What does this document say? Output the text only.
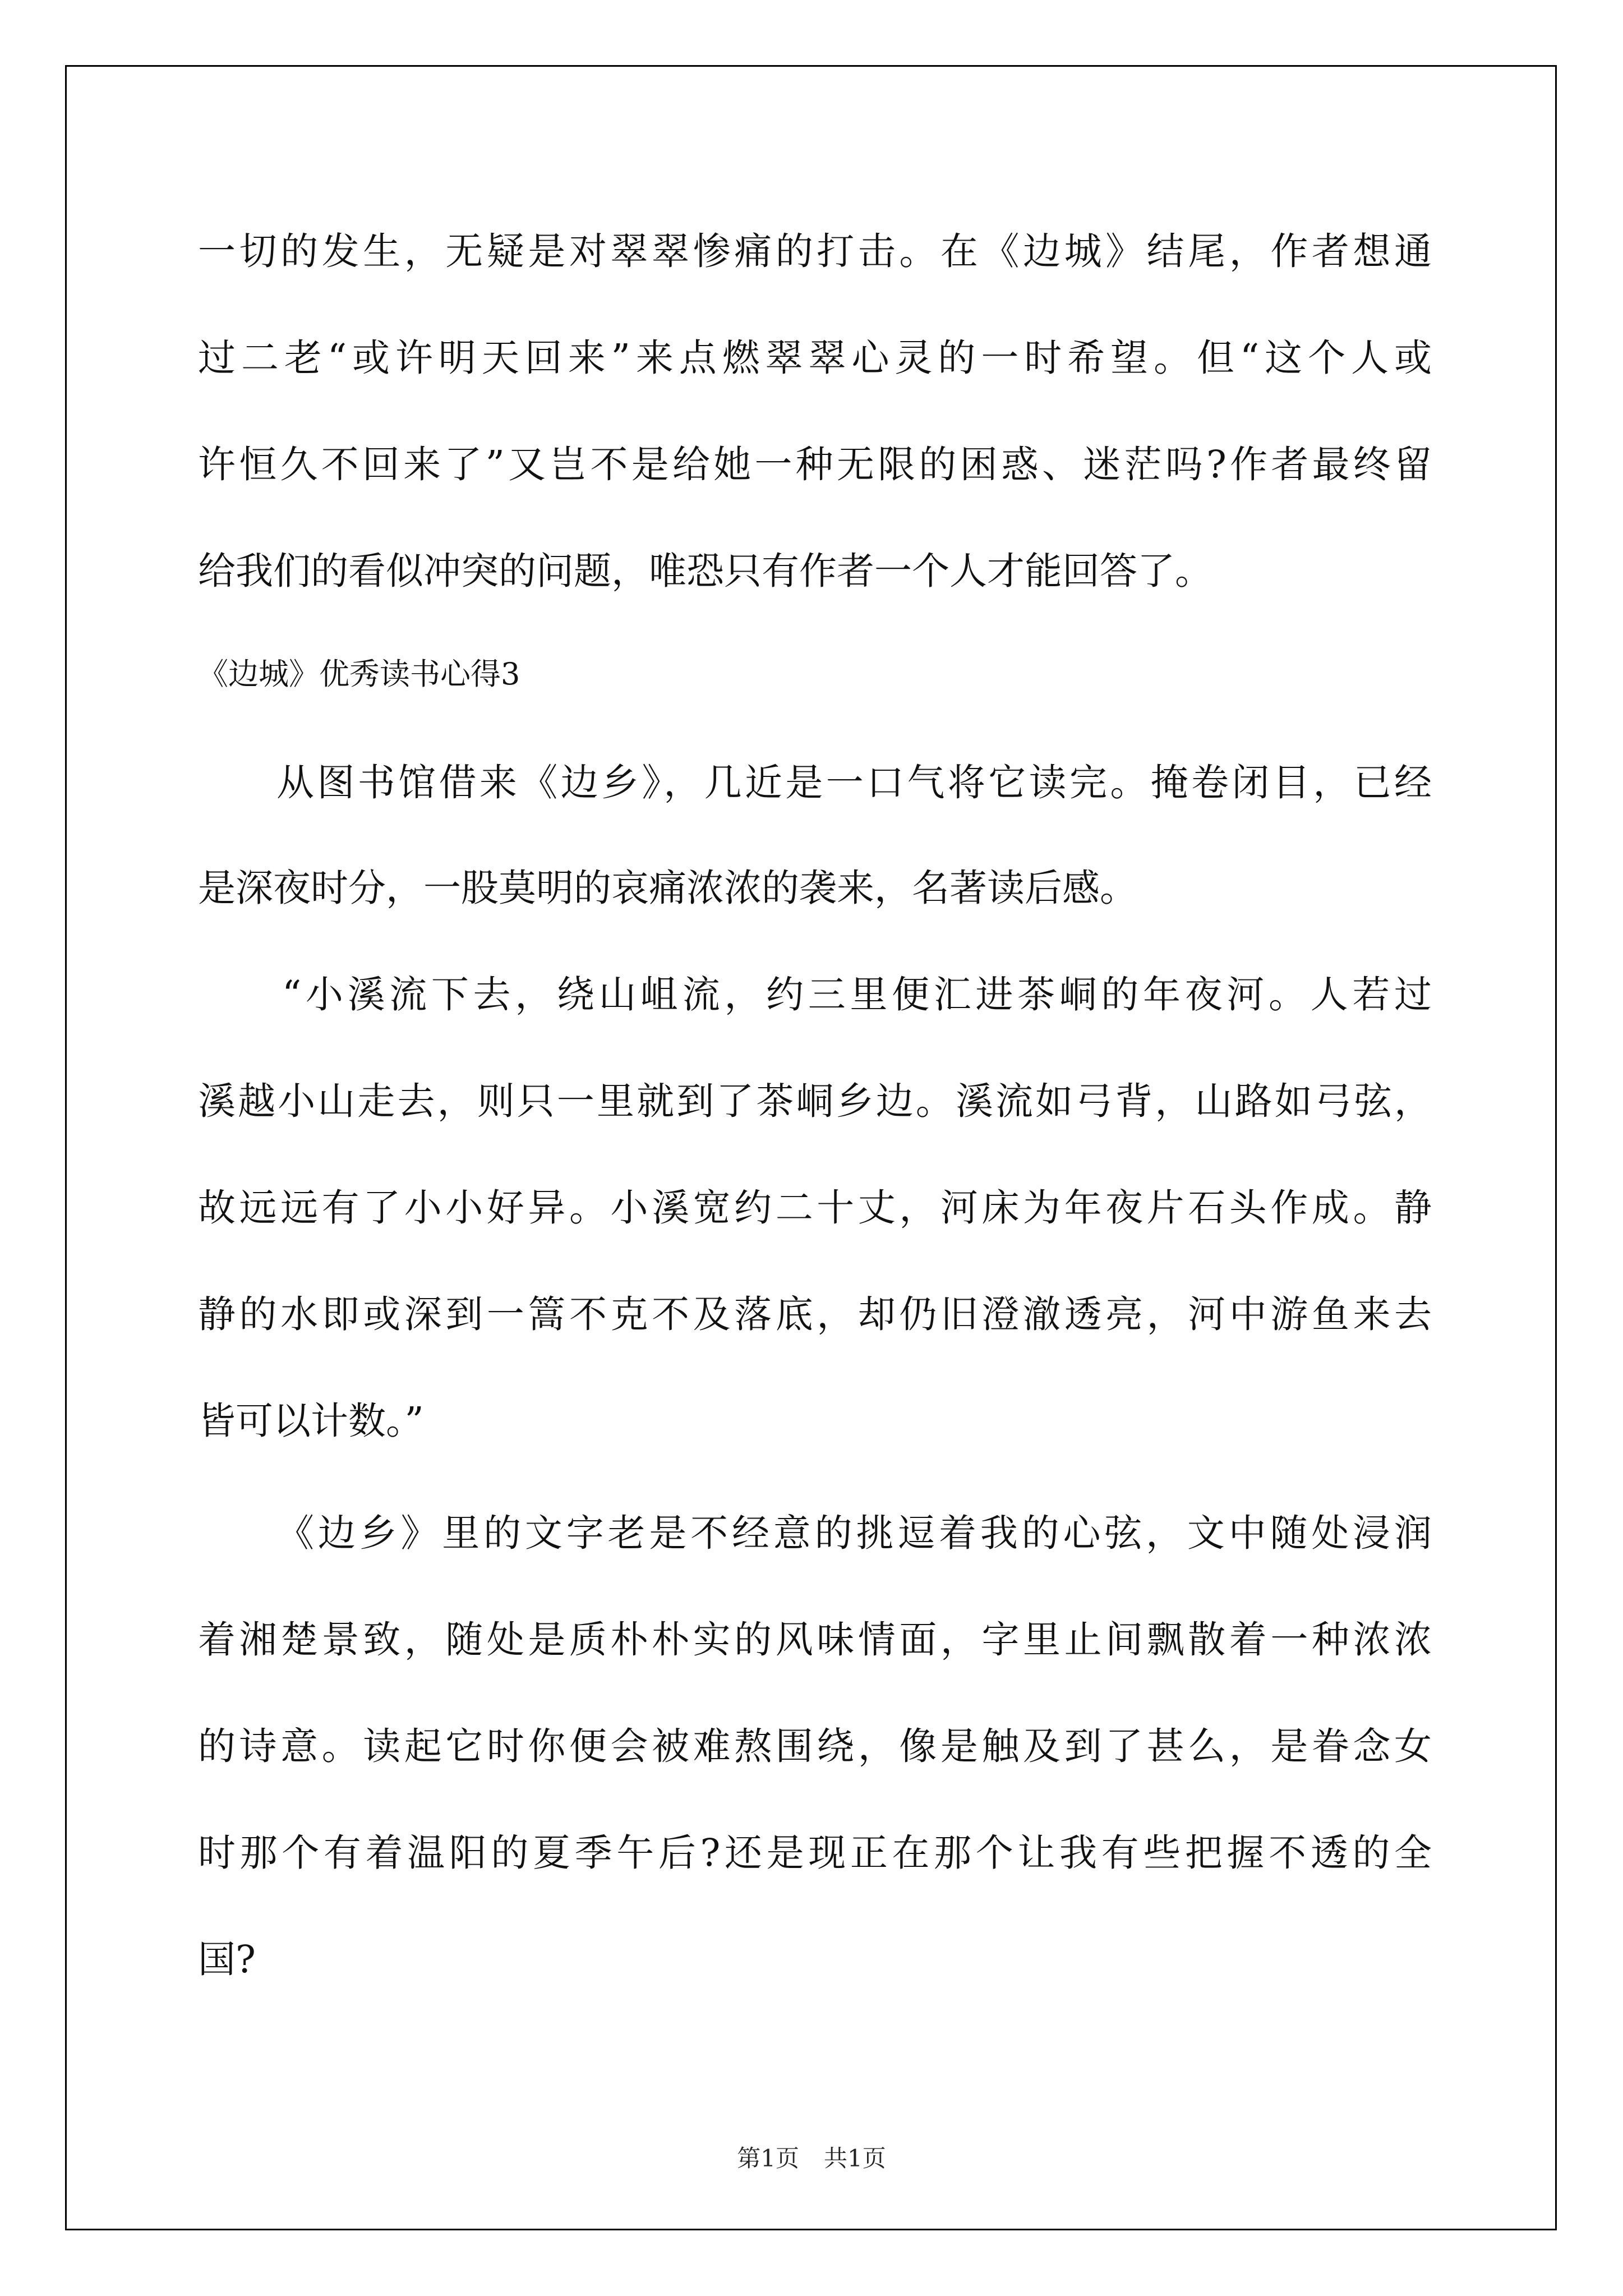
一切的发生，无疑是对翠翠惨痛的打击。在《边城》结尾，作者想通
过二老“或许明天回来”来点燃翠翠心灵的一时希望。但“这个人或
许恒久不回来了”又岂不是给她一种无限的困惑、迷茫吗?作者最终留
给我们的看似冲突的问题，唯恐只有作者一个人才能回答了。
《边城》优秀读书心得3
从图书馆借来《边乡》，几近是一口气将它读完。掩卷闭目，已经
是深夜时分，一股莫明的哀痛浓浓的袭来，名著读后感。
“小溪流下去，绕山岨流，约三里便汇进茶峒的年夜河。人若过
溪越小山走去，则只一里就到了茶峒乡边。溪流如弓背，山路如弓弦，
故远远有了小小好异。小溪宽约二十丈，河床为年夜片石头作成。静
静的水即或深到一篙不克不及落底，却仍旧澄澈透亮，河中游鱼来去
皆可以计数。”
《边乡》里的文字老是不经意的挑逗着我的心弦，文中随处浸润
着湘楚景致，随处是质朴朴实的风味情面，字里止间飘散着一种浓浓
的诗意。读起它时你便会被难熬围绕，像是触及到了甚么，是眷念女
时那个有着温阳的夏季午后?还是现正在那个让我有些把握不透的全
国?
第1页 共1页
